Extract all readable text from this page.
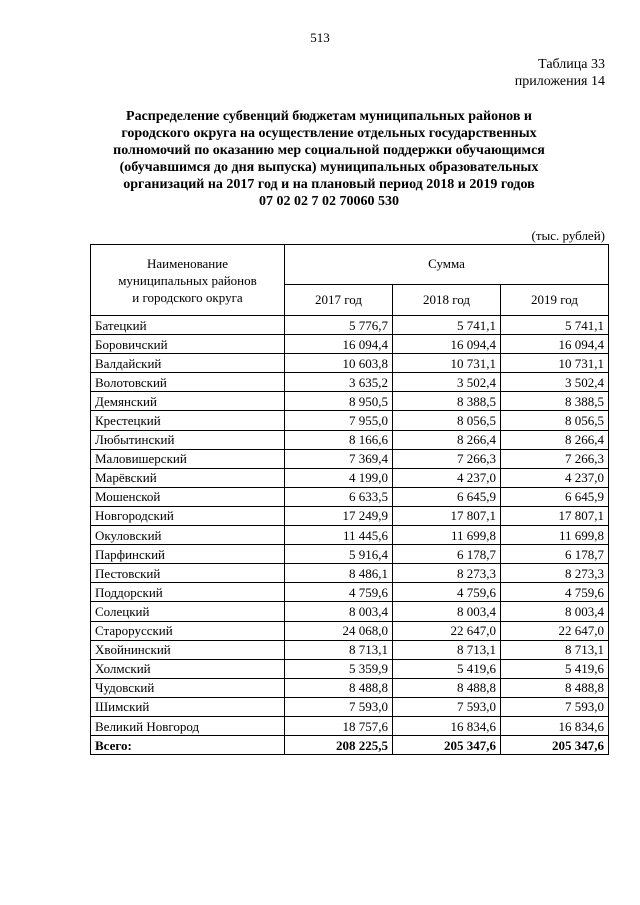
513
Таблица 33
приложения 14
Распределение субвенций бюджетам муниципальных районов и
городского округа на осуществление отдельных государственных
полномочий по оказанию мер социальной поддержки обучающимся
(обучавшимся до дня выпуска) муниципальных образовательных
организаций на 2017 год и на плановый период 2018 и 2019 годов
07 02 02 7 02 70060 530
(тыс. рублей)
Наименование
муниципальных районов
и городского округа	Сумма		
	2017 год	2018 год	2019 год
Батецкий	5 776,7	5 741,1	5 741,1
Боровичский	16 094,4	16 094,4	16 094,4
Валдайский	10 603,8	10 731,1	10 731,1
Волотовский	3 635,2	3 502,4	3 502,4
Демянский	8 950,5	8 388,5	8 388,5
Крестецкий	7 955,0	8 056,5	8 056,5
Любытинский	8 166,6	8 266,4	8 266,4
Маловишерский	7 369,4	7 266,3	7 266,3
Марёвский	4 199,0	4 237,0	4 237,0
Мошенской	6 633,5	6 645,9	6 645,9
Новгородский	17 249,9	17 807,1	17 807,1
Окуловский	11 445,6	11 699,8	11 699,8
Парфинский	5 916,4	6 178,7	6 178,7
Пестовский	8 486,1	8 273,3	8 273,3
Поддорский	4 759,6	4 759,6	4 759,6
Солецкий	8 003,4	8 003,4	8 003,4
Старорусский	24 068,0	22 647,0	22 647,0
Хвойнинский	8 713,1	8 713,1	8 713,1
Холмский	5 359,9	5 419,6	5 419,6
Чудовский	8 488,8	8 488,8	8 488,8
Шимский	7 593,0	7 593,0	7 593,0
Великий Новгород	18 757,6	16 834,6	16 834,6
Всего:	208 225,5	205 347,6	205 347,6
